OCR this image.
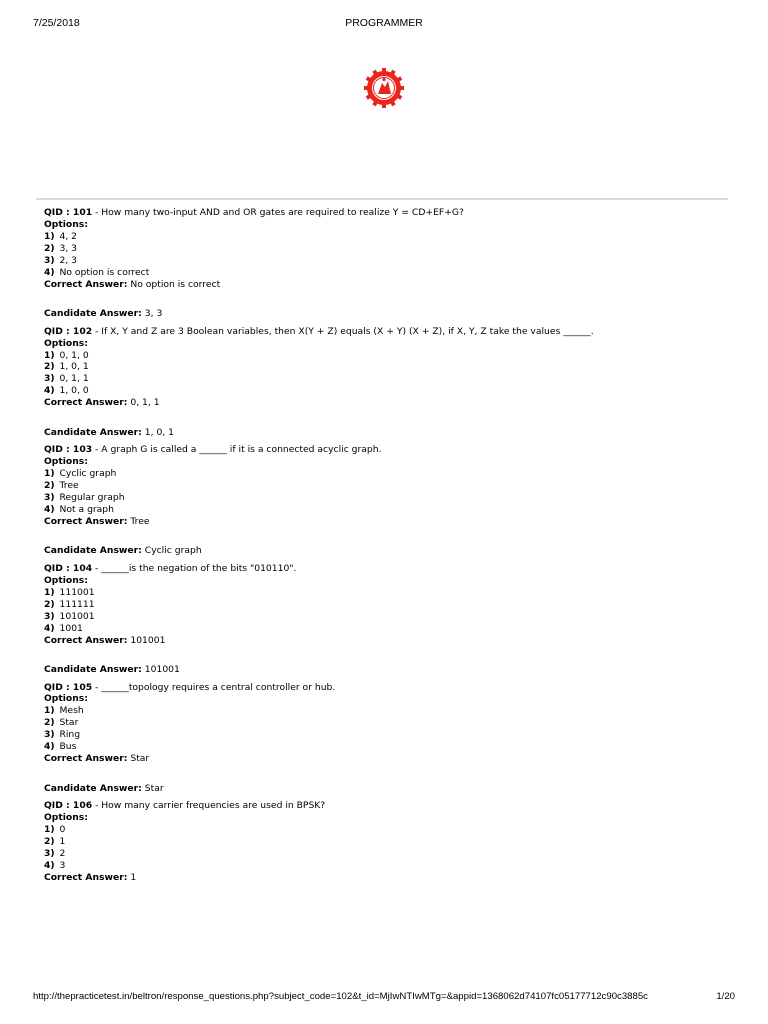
7/25/2018	PROGRAMMER
QID : 101 - How many two-input AND and OR gates are required to realize Y = CD+EF+G?
Options:
1) 4, 2
2) 3, 3
3) 2, 3
4) No option is correct
Correct Answer: No option is correct
Candidate Answer: 3, 3
QID : 102 - If X, Y and Z are 3 Boolean variables, then X(Y + Z) equals (X + Y) (X + Z), if X, Y, Z take the values ______.
Options:
1) 0, 1, 0
2) 1, 0, 1
3) 0, 1, 1
4) 1, 0, 0
Correct Answer: 0, 1, 1
Candidate Answer: 1, 0, 1
QID : 103 - A graph G is called a ______ if it is a connected acyclic graph.
Options:
1) Cyclic graph
2) Tree
3) Regular graph
4) Not a graph
Correct Answer: Tree
Candidate Answer: Cyclic graph
QID : 104 - ______is the negation of the bits "010110".
Options:
1) 111001
2) 111111
3) 101001
4) 1001
Correct Answer: 101001
Candidate Answer: 101001
QID : 105 - ______topology requires a central controller or hub.
Options:
1) Mesh
2) Star
3) Ring
4) Bus
Correct Answer: Star
Candidate Answer: Star
QID : 106 - How many carrier frequencies are used in BPSK?
Options:
1) 0
2) 1
3) 2
4) 3
Correct Answer: 1
http://thepracticetest.in/beltron/response_questions.php?subject_code=102&t_id=MjIwNTIwMTg=&appid=1368062d74107fc05177712c90c3885c	1/20
